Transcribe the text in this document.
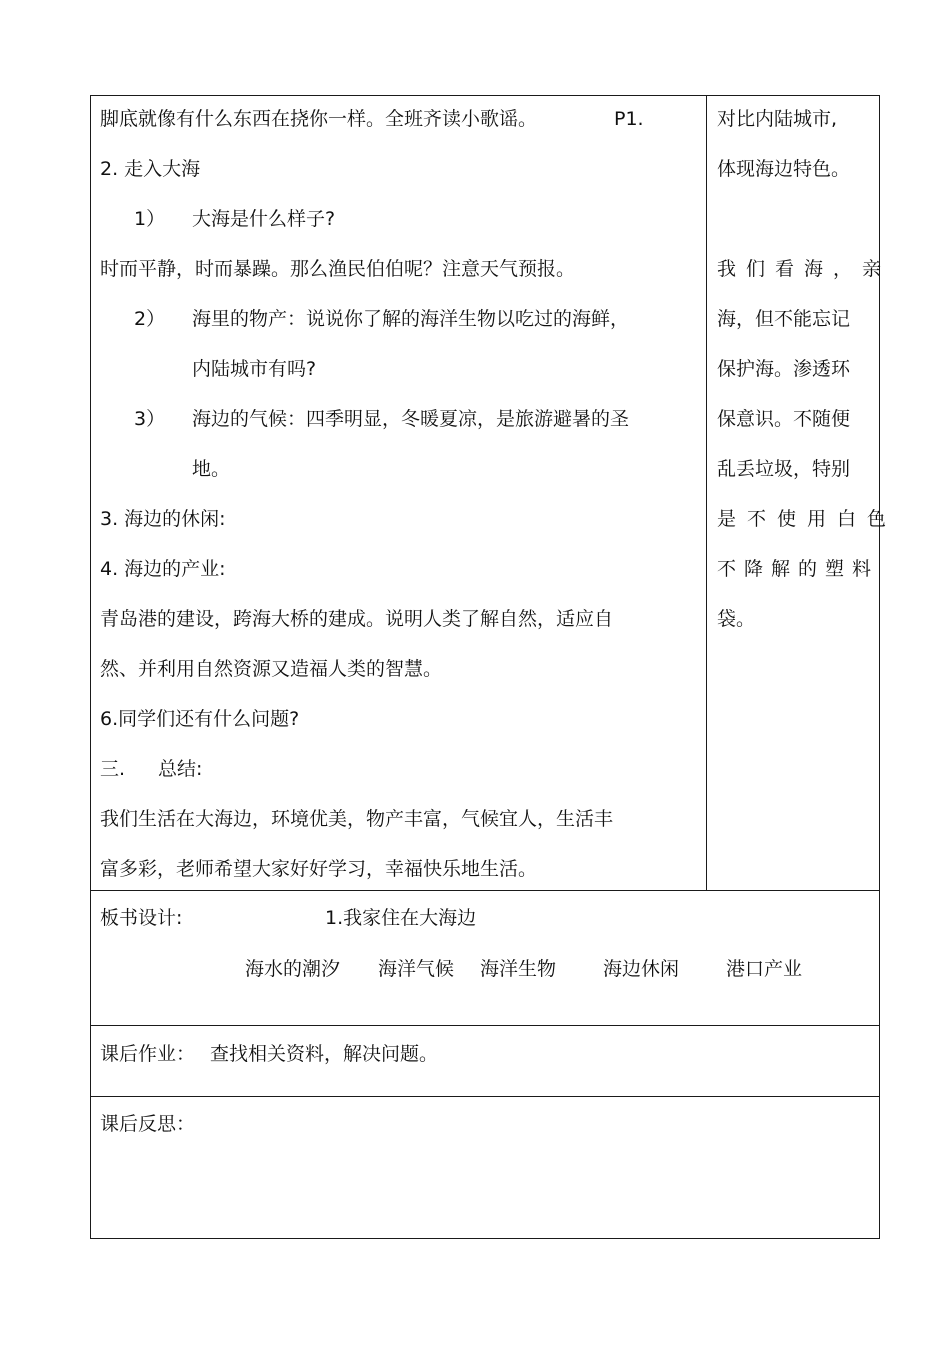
脚底就像有什么东西在挠你一样。全班齐读小歌谣。	P1.
2. 走入大海
1） 大海是什么样子?
时而平静，时而暴躁。那么渔民伯伯呢？注意天气预报。
2） 海里的物产：说说你了解的海洋生物以吃过的海鲜，
内陆城市有吗?
3） 海边的气候：四季明显，冬暖夏凉，是旅游避暑的圣
地。
3. 海边的休闲:
4. 海边的产业:
青岛港的建设，跨海大桥的建成。说明人类了解自然，适应自
然、并利用自然资源又造福人类的智慧。
6.同学们还有什么问题?
三. 总结:
我们生活在大海边，环境优美，物产丰富，气候宜人，生活丰
富多彩，老师希望大家好好学习，幸福快乐地生活。
对比内陆城市,
体现海边特色。
我们看海，亲
海，但不能忘记
保护海。渗透环
保意识。不随便
乱丢垃圾，特别
是不使用白色
不降解的塑料
袋。
板书设计:	1.我家住在大海边
海水的潮汐 海洋气候 海洋生物 海边休闲 港口产业
课后作业： 查找相关资料，解决问题。
课后反思：
